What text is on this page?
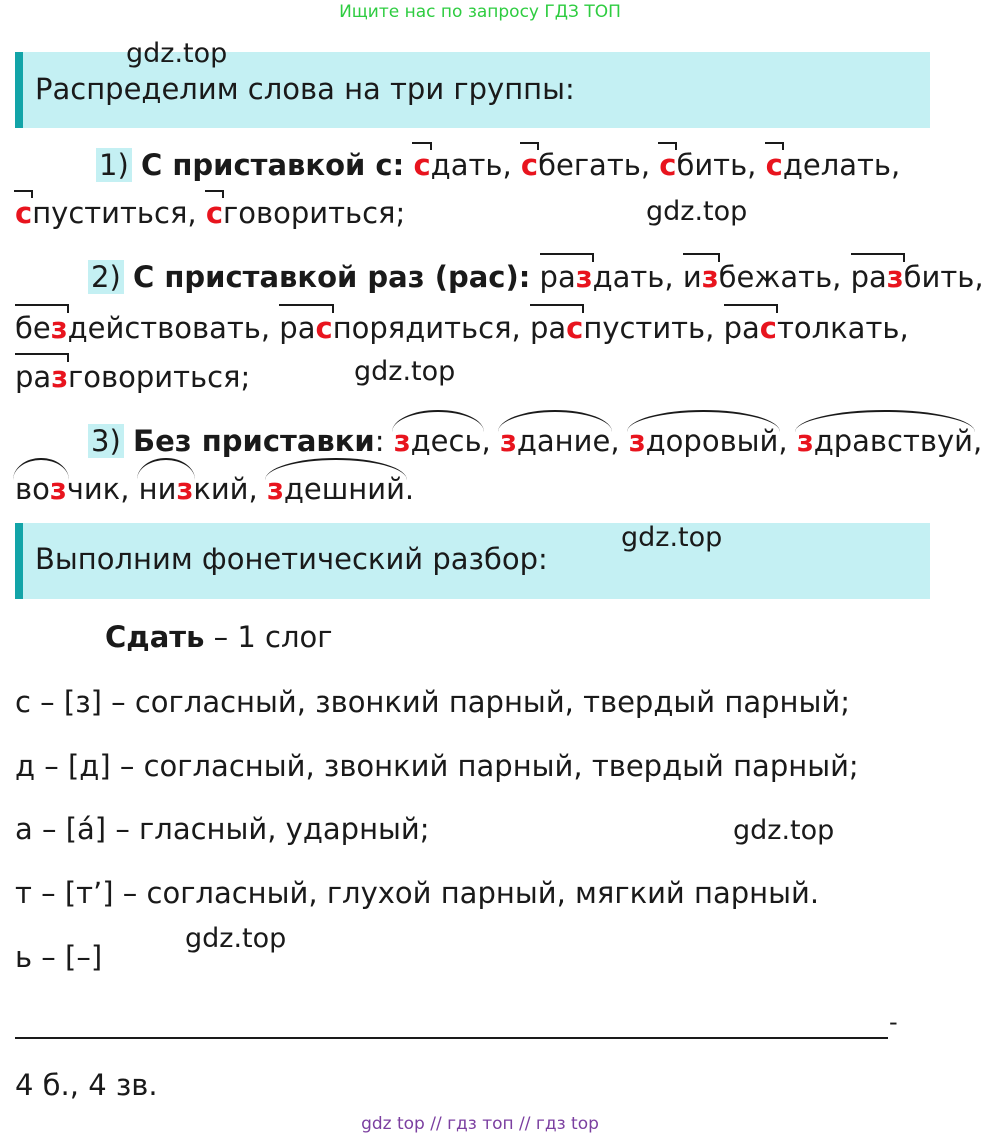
Ищите нас по запросу ГДЗ ТОП
Распределим слова на три группы:
1) С приставкой с: сдать, сбегать, сбить, сделать,
спуститься, сговориться;
2) С приставкой раз (рас): раздать, избежать, разбить,
бездействовать, распорядиться, распустить, растолкать,
разговориться;
3) Без приставки: здесь, здание, здоровый, здравствуй,
возчик, низкий, здешний.
Выполним фонетический разбор:
Сдать – 1 слог
с – [з] – согласный, звонкий парный, твердый парный;
д – [д] – согласный, звонкий парный, твердый парный;
а – [á] – гласный, ударный;
т – [т’] – согласный, глухой парный, мягкий парный.
ь – [–]
-
4 б., 4 зв.
gdz.top
gdz.top
gdz.top
gdz.top
gdz.top
gdz.top
gdz top // гдз топ // гдз top
